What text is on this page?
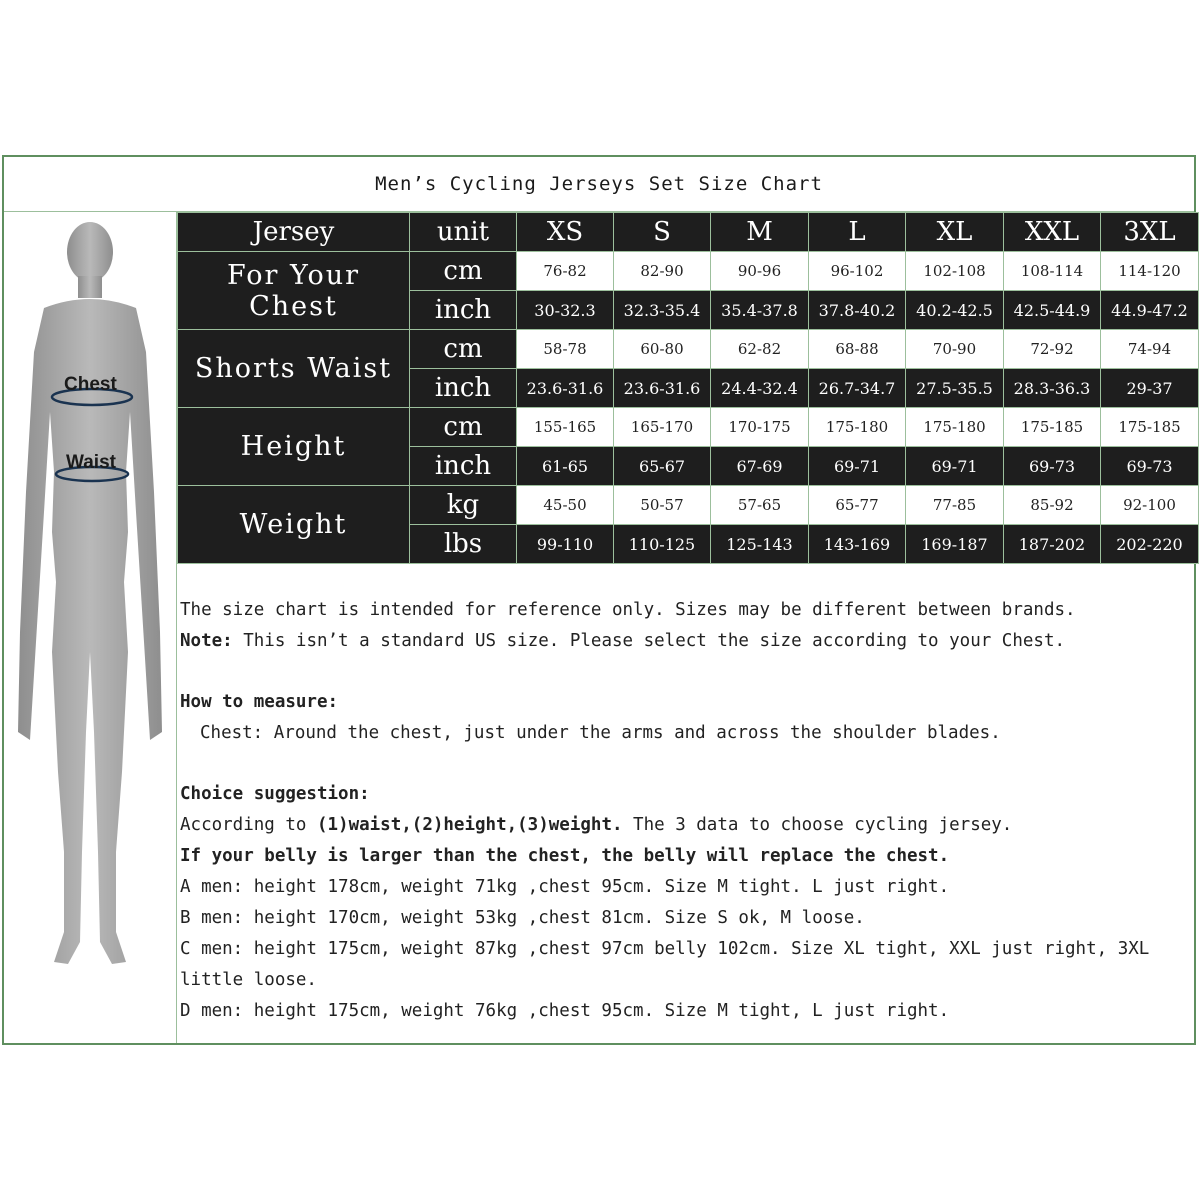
Men’s Cycling Jerseys Set Size Chart
Chest
Waist
Jersey	unit	XS	S	M	L	XL	XXL	3XL
For Your Chest	cm	76-82	82-90	90-96	96-102	102-108	108-114	114-120
	inch	30-32.3	32.3-35.4	35.4-37.8	37.8-40.2	40.2-42.5	42.5-44.9	44.9-47.2
Shorts Waist	cm	58-78	60-80	62-82	68-88	70-90	72-92	74-94
	inch	23.6-31.6	23.6-31.6	24.4-32.4	26.7-34.7	27.5-35.5	28.3-36.3	29-37
Height	cm	155-165	165-170	170-175	175-180	175-180	175-185	175-185
	inch	61-65	65-67	67-69	69-71	69-71	69-73	69-73
Weight	kg	45-50	50-57	57-65	65-77	77-85	85-92	92-100
	lbs	99-110	110-125	125-143	143-169	169-187	187-202	202-220

The size chart is intended for reference only. Sizes may be different between brands.

Note: This isn’t a standard US size. Please select the size according to your Chest.

How to measure:

Chest: Around the chest, just under the arms and across the shoulder blades.

Choice suggestion:

According to (1)waist,(2)height,(3)weight. The 3 data to choose cycling jersey.

If your belly is larger than the chest, the belly will replace the chest.

A men: height 178cm, weight 71kg ,chest 95cm. Size M tight. L just right.

B men: height 170cm, weight 53kg ,chest 81cm. Size S ok, M loose.

C men: height 175cm, weight 87kg ,chest 97cm belly 102cm. Size XL tight, XXL just right, 3XL little loose.

D men: height 175cm, weight 76kg ,chest 95cm. Size M tight, L just right.
